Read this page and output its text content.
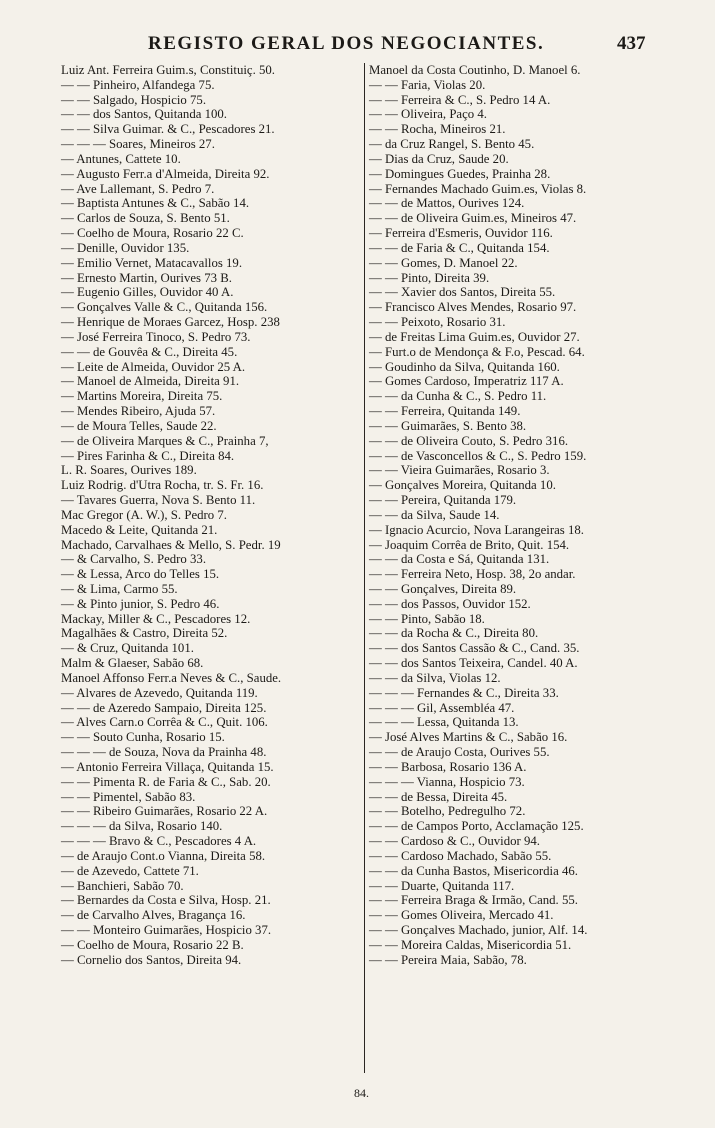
REGISTO GERAL DOS NEGOCIANTES.	437
Luiz Ant. Ferreira Guim.s, Constituiç. 50.
— — Pinheiro, Alfandega 75.
— — Salgado, Hospicio 75.
— — dos Santos, Quitanda 100.
— — Silva Guimar. & C., Pescadores 21.
— — — Soares, Mineiros 27.
— Antunes, Cattete 10.
— Augusto Ferr.a d'Almeida, Direita 92.
— Ave Lallemant, S. Pedro 7.
— Baptista Antunes & C., Sabão 14.
— Carlos de Souza, S. Bento 51.
— Coelho de Moura, Rosario 22 C.
— Denille, Ouvidor 135.
— Emilio Vernet, Matacavallos 19.
— Ernesto Martin, Ourives 73 B.
— Eugenio Gilles, Ouvidor 40 A.
— Gonçalves Valle & C., Quitanda 156.
— Henrique de Moraes Garcez, Hosp. 238
— José Ferreira Tinoco, S. Pedro 73.
— — de Gouvêa & C., Direita 45.
— Leite de Almeida, Ouvidor 25 A.
— Manoel de Almeida, Direita 91.
— Martins Moreira, Direita 75.
— Mendes Ribeiro, Ajuda 57.
— de Moura Telles, Saude 22.
— de Oliveira Marques & C., Prainha 7,
— Pires Farinha & C., Direita 84.
L. R. Soares, Ourives 189.
Luiz Rodrig. d'Utra Rocha, tr. S. Fr. 16.
— Tavares Guerra, Nova S. Bento 11.
Mac Gregor (A. W.), S. Pedro 7.
Macedo & Leite, Quitanda 21.
Machado, Carvalhaes & Mello, S. Pedr. 19
— & Carvalho, S. Pedro 33.
— & Lessa, Arco do Telles 15.
— & Lima, Carmo 55.
— & Pinto junior, S. Pedro 46.
Mackay, Miller & C., Pescadores 12.
Magalhães & Castro, Direita 52.
— & Cruz, Quitanda 101.
Malm & Glaeser, Sabão 68.
Manoel Affonso Ferr.a Neves & C., Saude.
— Alvares de Azevedo, Quitanda 119.
— — de Azeredo Sampaio, Direita 125.
— Alves Carn.o Corrêa & C., Quit. 106.
— — Souto Cunha, Rosario 15.
— — — de Souza, Nova da Prainha 48.
— Antonio Ferreira Villaça, Quitanda 15.
— — Pimenta R. de Faria & C., Sab. 20.
— — Pimentel, Sabão 83.
— — Ribeiro Guimarães, Rosario 22 A.
— — — da Silva, Rosario 140.
— — — Bravo & C., Pescadores 4 A.
— de Araujo Cont.o Vianna, Direita 58.
— de Azevedo, Cattete 71.
— Banchieri, Sabão 70.
— Bernardes da Costa e Silva, Hosp. 21.
— de Carvalho Alves, Bragança 16.
— — Monteiro Guimarães, Hospicio 37.
— Coelho de Moura, Rosario 22 B.
— Cornelio dos Santos, Direita 94.
Manoel da Costa Coutinho, D. Manoel 6.
— — Faria, Violas 20.
— — Ferreira & C., S. Pedro 14 A.
— — Oliveira, Paço 4.
— — Rocha, Mineiros 21.
— da Cruz Rangel, S. Bento 45.
— Dias da Cruz, Saude 20.
— Domingues Guedes, Prainha 28.
— Fernandes Machado Guim.es, Violas 8.
— — de Mattos, Ourives 124.
— — de Oliveira Guim.es, Mineiros 47.
— Ferreira d'Esmeris, Ouvidor 116.
— — de Faria & C., Quitanda 154.
— — Gomes, D. Manoel 22.
— — Pinto, Direita 39.
— — Xavier dos Santos, Direita 55.
— Francisco Alves Mendes, Rosario 97.
— — Peixoto, Rosario 31.
— de Freitas Lima Guim.es, Ouvidor 27.
— Furt.o de Mendonça & F.o, Pescad. 64.
— Goudinho da Silva, Quitanda 160.
— Gomes Cardoso, Imperatriz 117 A.
— — da Cunha & C., S. Pedro 11.
— — Ferreira, Quitanda 149.
— — Guimarães, S. Bento 38.
— — de Oliveira Couto, S. Pedro 316.
— — de Vasconcellos & C., S. Pedro 159.
— — Vieira Guimarães, Rosario 3.
— Gonçalves Moreira, Quitanda 10.
— — Pereira, Quitanda 179.
— — da Silva, Saude 14.
— Ignacio Acurcio, Nova Larangeiras 18.
— Joaquim Corrêa de Brito, Quit. 154.
— — da Costa e Sá, Quitanda 131.
— — Ferreira Neto, Hosp. 38, 2o andar.
— — Gonçalves, Direita 89.
— — dos Passos, Ouvidor 152.
— — Pinto, Sabão 18.
— — da Rocha & C., Direita 80.
— — dos Santos Cassão & C., Cand. 35.
— — dos Santos Teixeira, Candel. 40 A.
— — da Silva, Violas 12.
— — — Fernandes & C., Direita 33.
— — — Gil, Assembléa 47.
— — — Lessa, Quitanda 13.
— José Alves Martins & C., Sabão 16.
— — de Araujo Costa, Ourives 55.
— — Barbosa, Rosario 136 A.
— — — Vianna, Hospicio 73.
— — de Bessa, Direita 45.
— — Botelho, Pedregulho 72.
— — de Campos Porto, Acclamação 125.
— — Cardoso & C., Ouvidor 94.
— — Cardoso Machado, Sabão 55.
— — da Cunha Bastos, Misericordia 46.
— — Duarte, Quitanda 117.
— — Ferreira Braga & Irmão, Cand. 55.
— — Gomes Oliveira, Mercado 41.
— — Gonçalves Machado, junior, Alf. 14.
— — Moreira Caldas, Misericordia 51.
— — Pereira Maia, Sabão, 78.
84.
